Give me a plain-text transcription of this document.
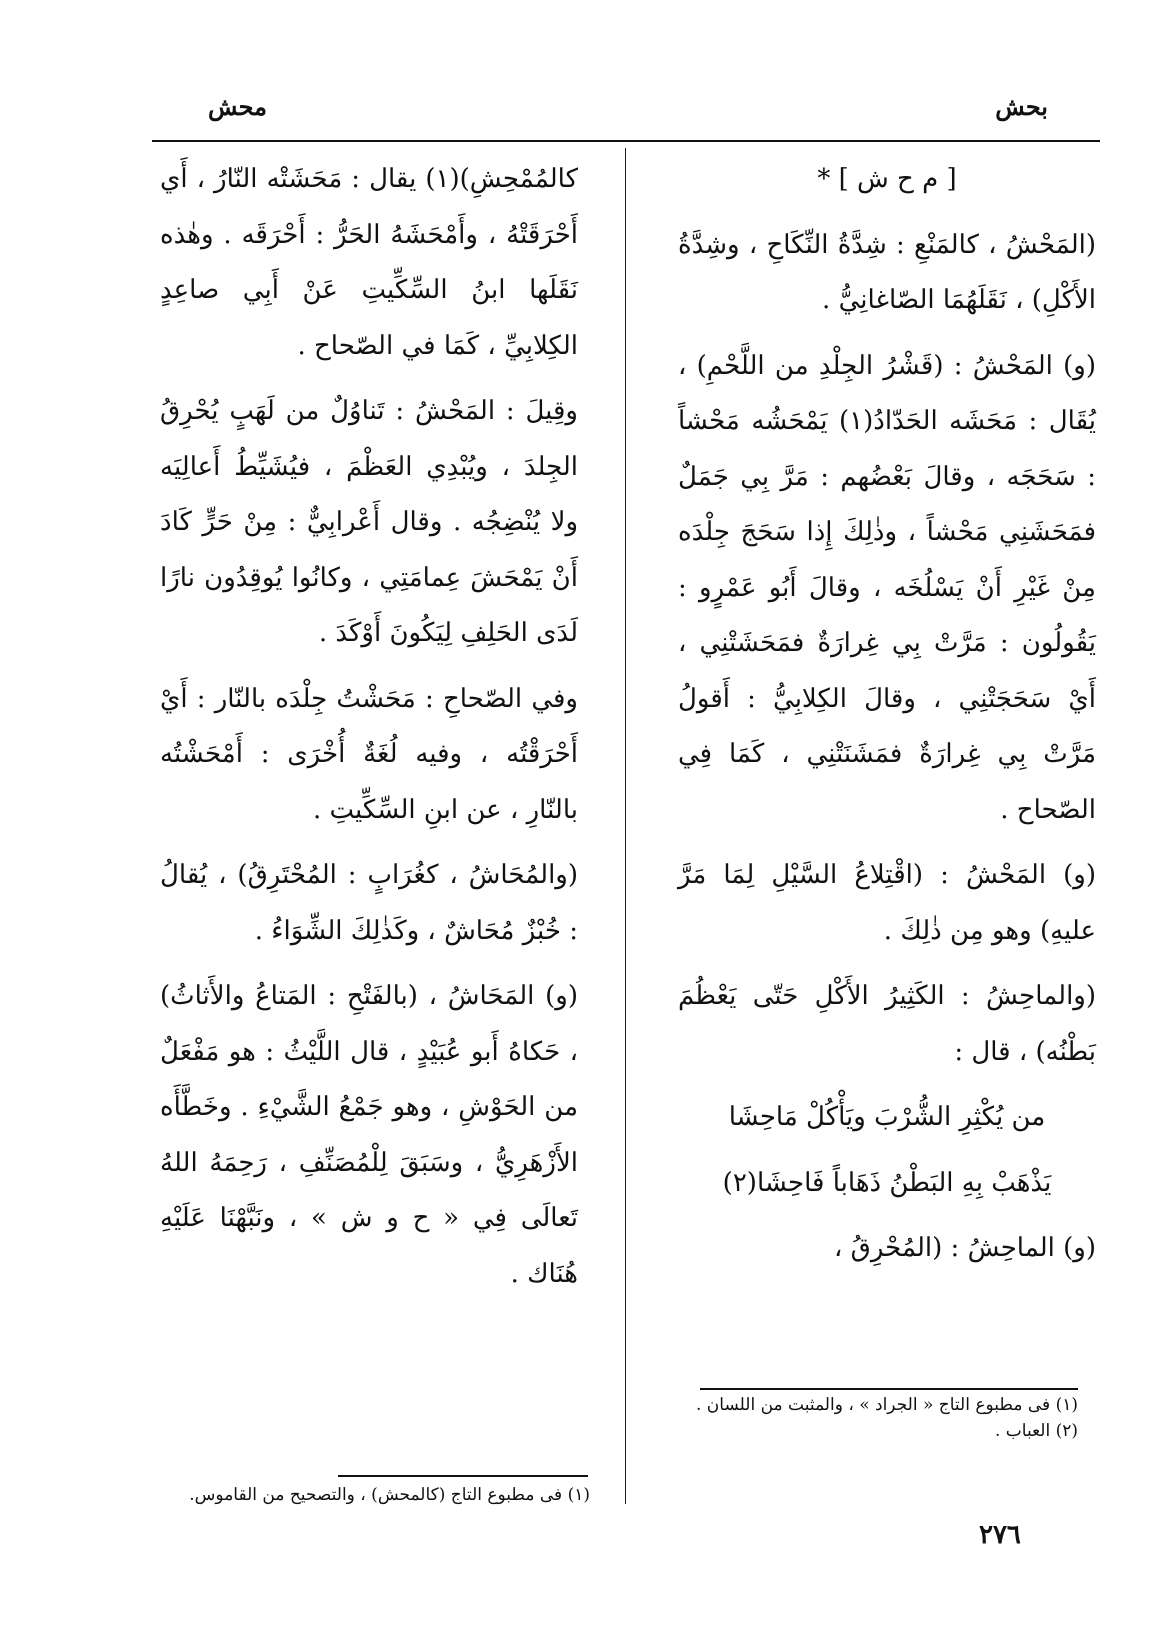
بحش
محش

[ م ح ش ] *

(المَحْشُ ، كالمَنْعِ : شِدَّةُ النِّكَاحِ ، وشِدَّةُ الأَكْلِ) ، نَقَلَهُمَا الصّاغانِيُّ .

(و) المَحْشُ : (قَشْرُ الجِلْدِ من اللَّحْمِ) ، يُقَال : مَحَشَه الحَدّادُ(١) يَمْحَشُه مَحْشاً : سَحَجَه ، وقالَ بَعْضُهم : مَرَّ بِي جَمَلٌ فمَحَشَنِي مَحْشاً ، وذٰلِكَ إِذا سَحَجَ جِلْدَه مِنْ غَيْرِ أَنْ يَسْلُخَه ، وقالَ أَبُو عَمْرٍو : يَقُولُون : مَرَّتْ بِي غِرارَةٌ فمَحَشَتْنِي ، أَيْ سَحَجَتْنِي ، وقالَ الكِلابِيُّ : أَقولُ مَرَّتْ بِي غِرارَةٌ فمَشَنَتْنِي ، كَمَا فِي الصّحاح .

(و) المَحْشُ : (اقْتِلاعُ السَّيْلِ لِمَا مَرَّ عليهِ) وهو مِن ذٰلِكَ .

(والماحِشُ : الكَثِيرُ الأَكْلِ حَتّى يَعْظُمَ بَطْنُه) ، قال :

من يُكْثِرِ الشُّرْبَ ويَأْكُلْ مَاحِشَا
يَذْهَبْ بِهِ البَطْنُ ذَهَاباً فَاحِشَا(٢)

(و) الماحِشُ : (المُحْرِقُ ،

كالمُمْحِشِ)(١) يقال : مَحَشَتْه النّارُ ، أَي أَحْرَقَتْهُ ، وأَمْحَشَهُ الحَرُّ : أَحْرَقَه . وهٰذه نَقَلَها ابنُ السِّكِّيتِ عَنْ أَبِي صاعِدٍ الكِلابِيِّ ، كَمَا في الصّحاح .

وقِيلَ : المَحْشُ : تَناوُلٌ من لَهَبٍ يُحْرِقُ الجِلدَ ، ويُبْدِي العَظْمَ ، فيُشَيِّطُ أَعالِيَه ولا يُنْضِجُه . وقال أَعْرابِيٌّ : مِنْ حَرٍّ كَادَ أَنْ يَمْحَشَ عِمامَتِي ، وكانُوا يُوقِدُون نارًا لَدَى الحَلِفِ لِيَكُونَ أَوْكَدَ .

وفي الصّحاحِ : مَحَشْتُ جِلْدَه بالنّار : أَيْ أَحْرَقْتُه ، وفيه لُغَةٌ أُخْرَى : أَمْحَشْتُه بالنّارِ ، عن ابنِ السِّكِّيتِ .

(والمُحَاشُ ، كغُرَابٍ : المُحْتَرِقُ) ، يُقالُ : خُبْزٌ مُحَاشٌ ، وكَذٰلِكَ الشِّوَاءُ .

(و) المَحَاشُ ، (بالفَتْحِ : المَتاعُ والأَثاثُ) ، حَكاهُ أَبو عُبَيْدٍ ، قال اللَّيْثُ : هو مَفْعَلٌ من الحَوْشِ ، وهو جَمْعُ الشَّيْءِ . وخَطَّأَه الأَزْهَرِيُّ ، وسَبَقَ لِلْمُصَنِّفِ ، رَحِمَهُ اللهُ تَعالَى فِي « ح و ش » ، ونَبَّهْنَا عَلَيْهِ هُنَاك .

(١) فى مطبوع التاج « الجراد » ، والمثبت من اللسان .
(٢) العباب .
(١) فى مطبوع التاج (كالمحش) ، والتصحيح من القاموس.
٢٧٦
